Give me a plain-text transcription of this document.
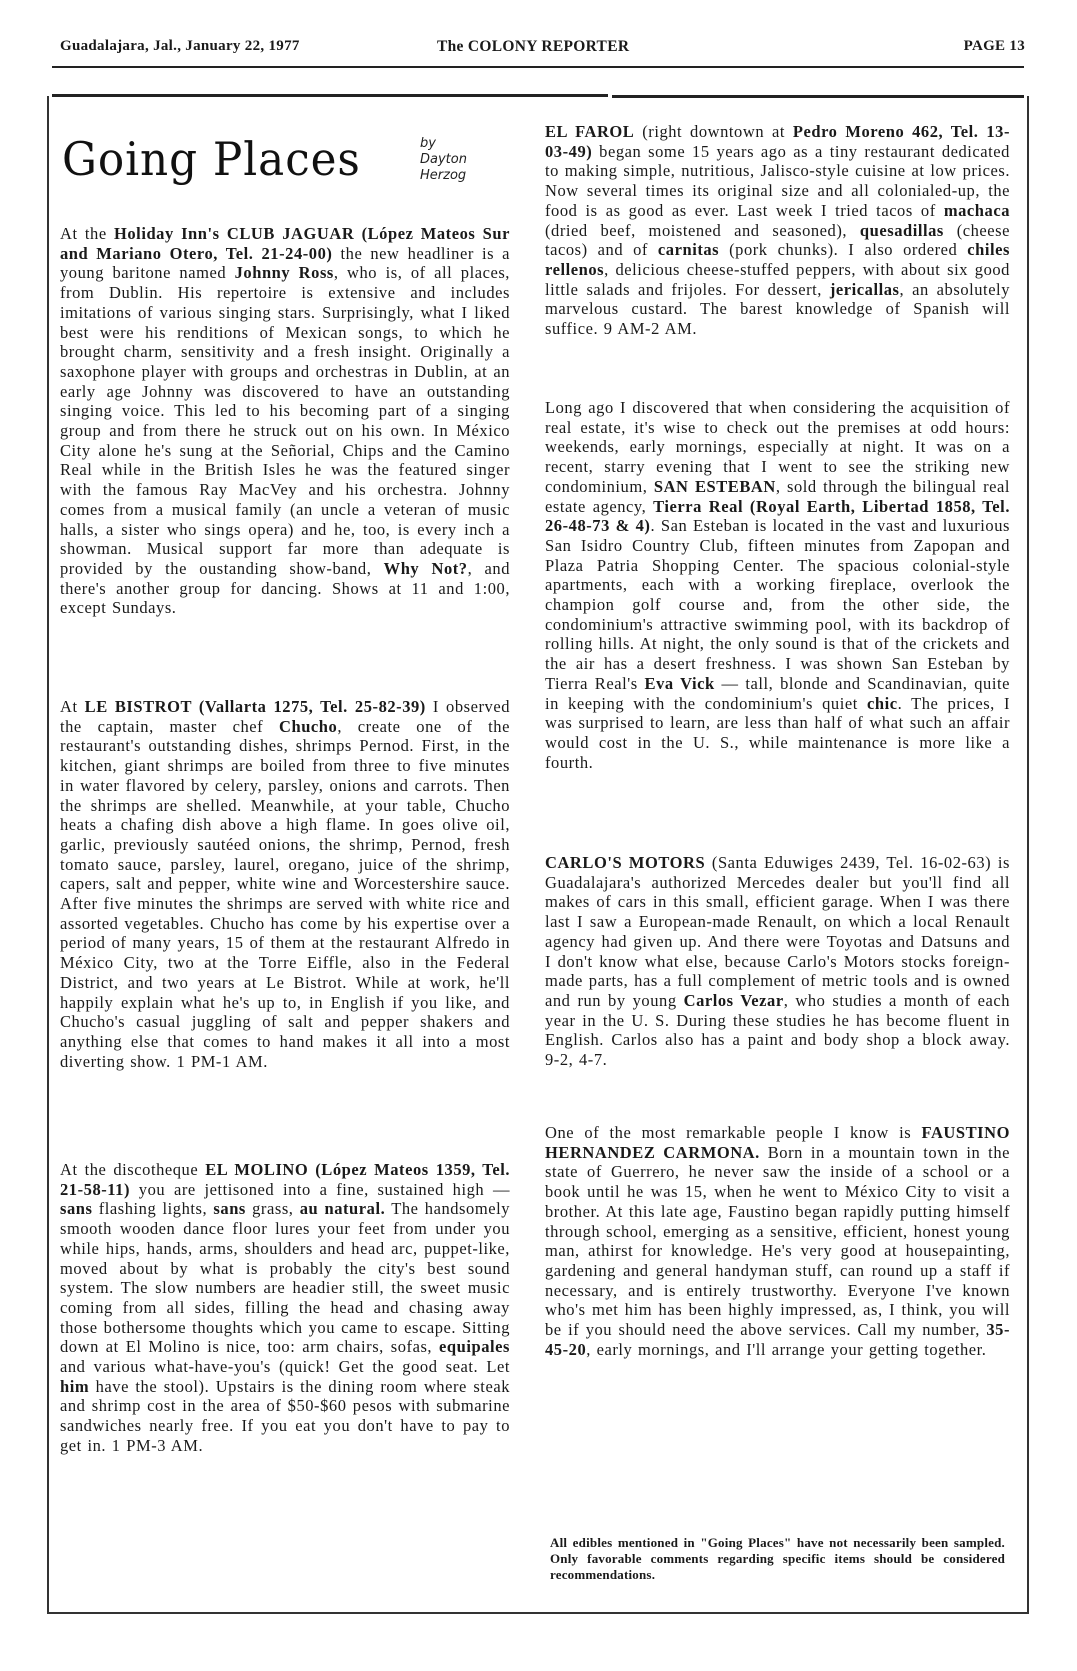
Guadalajara, Jal., January 22, 1977	The COLONY REPORTER	PAGE 13
Going Places	by
Dayton
Herzog

At the Holiday Inn's CLUB JAGUAR (López Mateos Sur and Mariano Otero, Tel. 21-24-00) the new headliner is a young baritone named Johnny Ross, who is, of all places, from Dublin. His repertoire is extensive and includes imitations of various singing stars. Surprisingly, what I liked best were his renditions of Mexican songs, to which he brought charm, sensitivity and a fresh insight. Originally a saxophone player with groups and orchestras in Dublin, at an early age Johnny was discovered to have an outstanding singing voice. This led to his becoming part of a singing group and from there he struck out on his own. In México City alone he's sung at the Señorial, Chips and the Camino Real while in the British Isles he was the featured singer with the famous Ray MacVey and his orchestra. Johnny comes from a musical family (an uncle a veteran of music halls, a sister who sings opera) and he, too, is every inch a showman. Musical support far more than adequate is provided by the oustanding show-band, Why Not?, and there's another group for dancing. Shows at 11 and 1:00, except Sundays.

At LE BISTROT (Vallarta 1275, Tel. 25-82-39) I observed the captain, master chef Chucho, create one of the restaurant's outstanding dishes, shrimps Pernod. First, in the kitchen, giant shrimps are boiled from three to five minutes in water flavored by celery, parsley, onions and carrots. Then the shrimps are shelled. Meanwhile, at your table, Chucho heats a chafing dish above a high flame. In goes olive oil, garlic, previously sautéed onions, the shrimp, Pernod, fresh tomato sauce, parsley, laurel, oregano, juice of the shrimp, capers, salt and pepper, white wine and Worcestershire sauce. After five minutes the shrimps are served with white rice and assorted vegetables. Chucho has come by his expertise over a period of many years, 15 of them at the restaurant Alfredo in México City, two at the Torre Eiffle, also in the Federal District, and two years at Le Bistrot. While at work, he'll happily explain what he's up to, in English if you like, and Chucho's casual juggling of salt and pepper shakers and anything else that comes to hand makes it all into a most diverting show. 1 PM-1 AM.

At the discotheque EL MOLINO (López Mateos 1359, Tel. 21-58-11) you are jettisoned into a fine, sustained high — sans flashing lights, sans grass, au natural. The handsomely smooth wooden dance floor lures your feet from under you while hips, hands, arms, shoulders and head arc, puppet-like, moved about by what is probably the city's best sound system. The slow numbers are headier still, the sweet music coming from all sides, filling the head and chasing away those bothersome thoughts which you came to escape. Sitting down at El Molino is nice, too: arm chairs, sofas, equipales and various what-have-you's (quick! Get the good seat. Let him have the stool). Upstairs is the dining room where steak and shrimp cost in the area of $50-$60 pesos with submarine sandwiches nearly free. If you eat you don't have to pay to get in. 1 PM-3 AM.

EL FAROL (right downtown at Pedro Moreno 462, Tel. 13-03-49) began some 15 years ago as a tiny restaurant dedicated to making simple, nutritious, Jalisco-style cuisine at low prices. Now several times its original size and all colonialed-up, the food is as good as ever. Last week I tried tacos of machaca (dried beef, moistened and seasoned), quesadillas (cheese tacos) and of carnitas (pork chunks). I also ordered chiles rellenos, delicious cheese-stuffed peppers, with about six good little salads and frijoles. For dessert, jericallas, an absolutely marvelous custard. The barest knowledge of Spanish will suffice. 9 AM-2 AM.

Long ago I discovered that when considering the acquisition of real estate, it's wise to check out the premises at odd hours: weekends, early mornings, especially at night. It was on a recent, starry evening that I went to see the striking new condominium, SAN ESTEBAN, sold through the bilingual real estate agency, Tierra Real (Royal Earth, Libertad 1858, Tel. 26-48-73 & 4). San Esteban is located in the vast and luxurious San Isidro Country Club, fifteen minutes from Zapopan and Plaza Patria Shopping Center. The spacious colonial-style apartments, each with a working fireplace, overlook the champion golf course and, from the other side, the condominium's attractive swimming pool, with its backdrop of rolling hills. At night, the only sound is that of the crickets and the air has a desert freshness. I was shown San Esteban by Tierra Real's Eva Vick — tall, blonde and Scandinavian, quite in keeping with the condominium's quiet chic. The prices, I was surprised to learn, are less than half of what such an affair would cost in the U. S., while maintenance is more like a fourth.

CARLO'S MOTORS (Santa Eduwiges 2439, Tel. 16-02-63) is Guadalajara's authorized Mercedes dealer but you'll find all makes of cars in this small, efficient garage. When I was there last I saw a European-made Renault, on which a local Renault agency had given up. And there were Toyotas and Datsuns and I don't know what else, because Carlo's Motors stocks foreign-made parts, has a full complement of metric tools and is owned and run by young Carlos Vezar, who studies a month of each year in the U. S. During these studies he has become fluent in English. Carlos also has a paint and body shop a block away. 9-2, 4-7.

One of the most remarkable people I know is FAUSTINO HERNANDEZ CARMONA. Born in a mountain town in the state of Guerrero, he never saw the inside of a school or a book until he was 15, when he went to México City to visit a brother. At this late age, Faustino began rapidly putting himself through school, emerging as a sensitive, efficient, honest young man, athirst for knowledge. He's very good at housepainting, gardening and general handyman stuff, can round up a staff if necessary, and is entirely trustworthy. Everyone I've known who's met him has been highly impressed, as, I think, you will be if you should need the above services. Call my number, 35-45-20, early mornings, and I'll arrange your getting together.

All edibles mentioned in "Going Places" have not necessarily been sampled. Only favorable comments regarding specific items should be considered recommendations.
